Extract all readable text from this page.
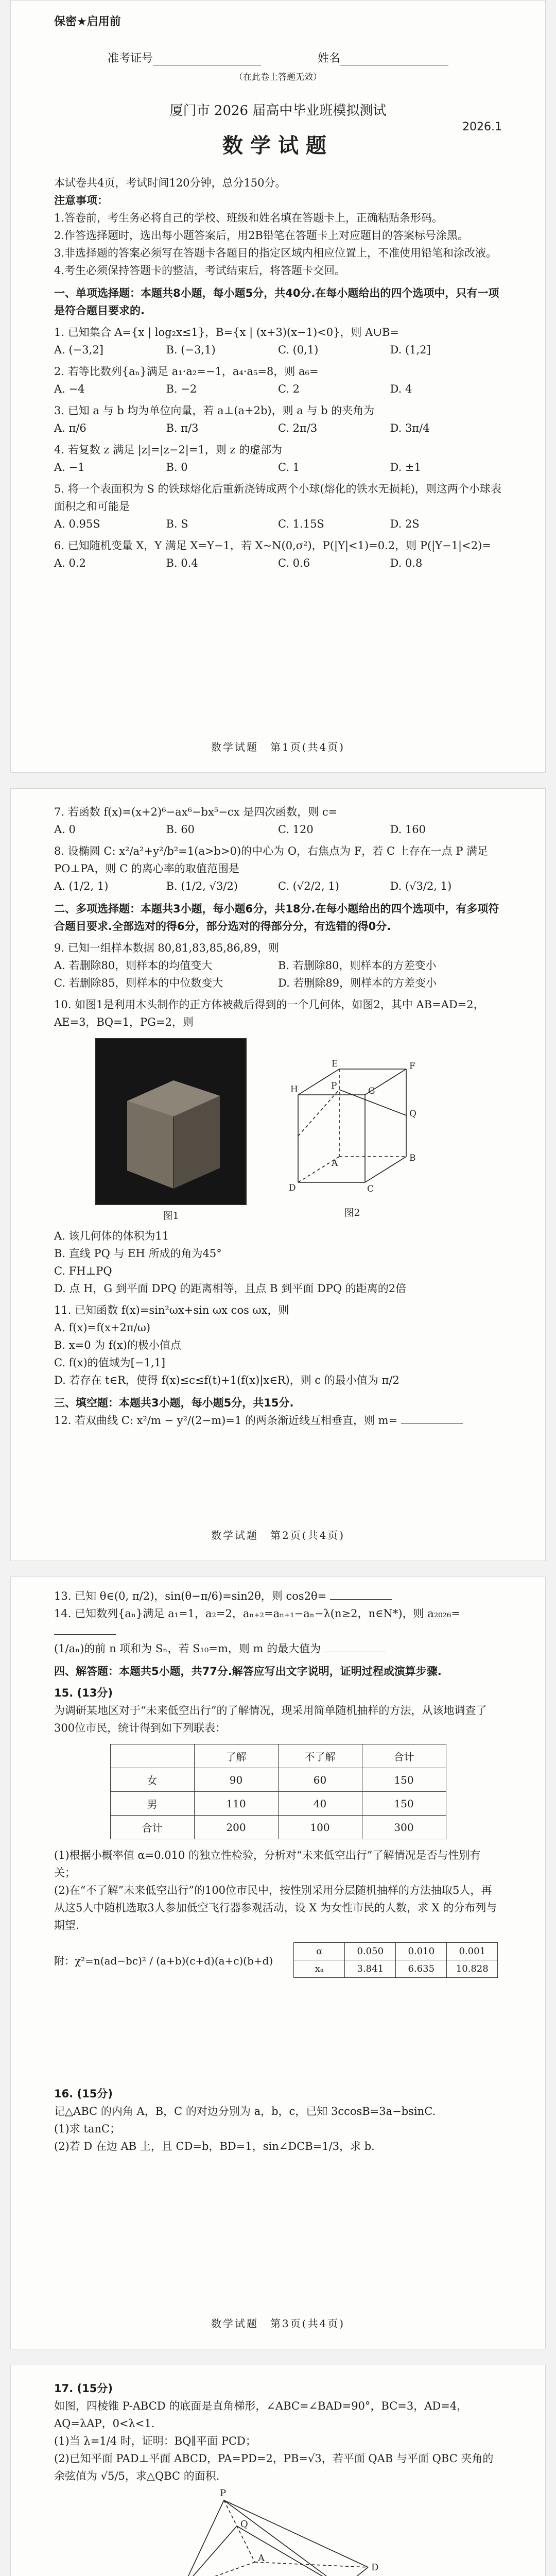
保密★启用前
准考证号	姓名
（在此卷上答题无效）
厦门市 2026 届高中毕业班模拟测试
2026.1
数学试题

本试卷共4页，考试时间120分钟，总分150分。

注意事项：

1.答卷前，考生务必将自己的学校、班级和姓名填在答题卡上，正确粘贴条形码。

2.作答选择题时，选出每小题答案后，用2B铅笔在答题卡上对应题目的答案标号涂黑。

3.非选择题的答案必须写在答题卡各题目的指定区域内相应位置上，不准使用铅笔和涂改液。

4.考生必须保持答题卡的整洁，考试结束后，将答题卡交回。

一、单项选择题：本题共8小题，每小题5分，共40分.在每小题给出的四个选项中，只有一项是符合题目要求的.

1. 已知集合 A={x | log₂x≤1}，B={x | (x+3)(x−1)<0}，则 A∪B=

A. (−3,2]	B. (−3,1)	C. (0,1)	D. (1,2]

2. 若等比数列{aₙ}满足 a₁·a₂=−1，a₄·a₅=8，则 a₆=

A. −4	B. −2	C. 2	D. 4

3. 已知 a 与 b 均为单位向量，若 a⊥(a+2b)，则 a 与 b 的夹角为

A. π/6	B. π/3	C. 2π/3	D. 3π/4

4. 若复数 z 满足 |z|=|z−2|=1，则 z 的虚部为

A. −1	B. 0	C. 1	D. ±1

5. 将一个表面积为 S 的铁球熔化后重新浇铸成两个小球(熔化的铁水无损耗)，则这两个小球表面积之和可能是

A. 0.95S	B. S	C. 1.15S	D. 2S

6. 已知随机变量 X，Y 满足 X=Y−1，若 X~N(0,σ²)，P(|Y|<1)=0.2，则 P(|Y−1|<2)=

A. 0.2	B. 0.4	C. 0.6	D. 0.8
数学试题　第1页(共4页)

7. 若函数 f(x)=(x+2)⁶−ax⁶−bx⁵−cx 是四次函数，则 c=

A. 0	B. 60	C. 120	D. 160

8. 设椭圆 C: x²/a²+y²/b²=1(a>b>0)的中心为 O，右焦点为 F，若 C 上存在一点 P 满足 PO⊥PA，则 C 的离心率的取值范围是

A. (1/2, 1)	B. (1/2, √3/2)	C. (√2/2, 1)	D. (√3/2, 1)

二、多项选择题：本题共3小题，每小题6分，共18分.在每小题给出的四个选项中，有多项符合题目要求.全部选对的得6分，部分选对的得部分分，有选错的得0分.

9. 已知一组样本数据 80,81,83,85,86,89，则

A. 若删除80，则样本的均值变大	B. 若删除80，则样本的方差变小
C. 若删除85，则样本的中位数变大	D. 若删除89，则样本的方差变小

10. 如图1是利用木头制作的正方体被截后得到的一个几何体，如图2，其中 AB=AD=2，AE=3，BQ=1，PG=2，则

图1
H	G
E	F
P
Q
D	C
A	B
图2

A. 该几何体的体积为11

B. 直线 PQ 与 EH 所成的角为45°

C. FH⊥PQ

D. 点 H，G 到平面 DPQ 的距离相等，且点 B 到平面 DPQ 的距离的2倍

11. 已知函数 f(x)=sin²ωx+sin ωx cos ωx，则

A. f(x)=f(x+2π/ω)

B. x=0 为 f(x)的极小值点

C. f(x)的值域为[−1,1]

D. 若存在 t∈R，使得 f(x)≤c≤f(t)+1(f(x)|x∈R)，则 c 的最小值为 π/2

三、填空题：本题共3小题，每小题5分，共15分.

12. 若双曲线 C: x²/m − y²/(2−m)=1 的两条渐近线互相垂直，则 m=

数学试题　第2页(共4页)

13. 已知 θ∈(0, π/2)，sin(θ−π/6)=sin2θ，则 cos2θ=

14. 已知数列{aₙ}满足 a₁=1，a₂=2，aₙ₊₂=aₙ₊₁−aₙ−λ(n≥2，n∈N*)，则 a₂₀₂₆=

(1/aₙ)的前 n 项和为 Sₙ，若 S₁₀=m，则 m 的最大值为

四、解答题：本题共5小题，共77分.解答应写出文字说明，证明过程或演算步骤.

15. (13分)

为调研某地区对于“未来低空出行”的了解情况，现采用简单随机抽样的方法，从该地调查了300位市民，统计得到如下列联表：

	了解	不了解	合计
女	90	60	150
男	110	40	150
合计	200	100	300

(1)根据小概率值 α=0.010 的独立性检验，分析对“未来低空出行”了解情况是否与性别有关；

(2)在“不了解”未来低空出行”的100位市民中，按性别采用分层随机抽样的方法抽取5人，再从这5人中随机选取3人参加低空飞行器参观活动，设 X 为女性市民的人数，求 X 的分布列与期望.

附：χ²=n(ad−bc)² / (a+b)(c+d)(a+c)(b+d)
α	0.050	0.010	0.001
xₐ	3.841	6.635	10.828

16. (15分)

记△ABC 的内角 A，B，C 的对边分别为 a，b，c，已知 3ccosB=3a−bsinC.

(1)求 tanC；

(2)若 D 在边 AB 上，且 CD=b，BD=1，sin∠DCB=1/3，求 b.

数学试题　第3页(共4页)

17. (15分)

如图，四棱锥 P-ABCD 的底面是直角梯形，∠ABC=∠BAD=90°，BC=3，AD=4，AQ=λAP，0<λ<1.

(1)当 λ=1/4 时，证明：BQ∥平面 PCD；

(2)已知平面 PAD⊥平面 ABCD，PA=PD=2，PB=√3，若平面 QAB 与平面 QBC 夹角的余弦值为 √5/5，求△QBC 的面积.

P
Q
D
A
